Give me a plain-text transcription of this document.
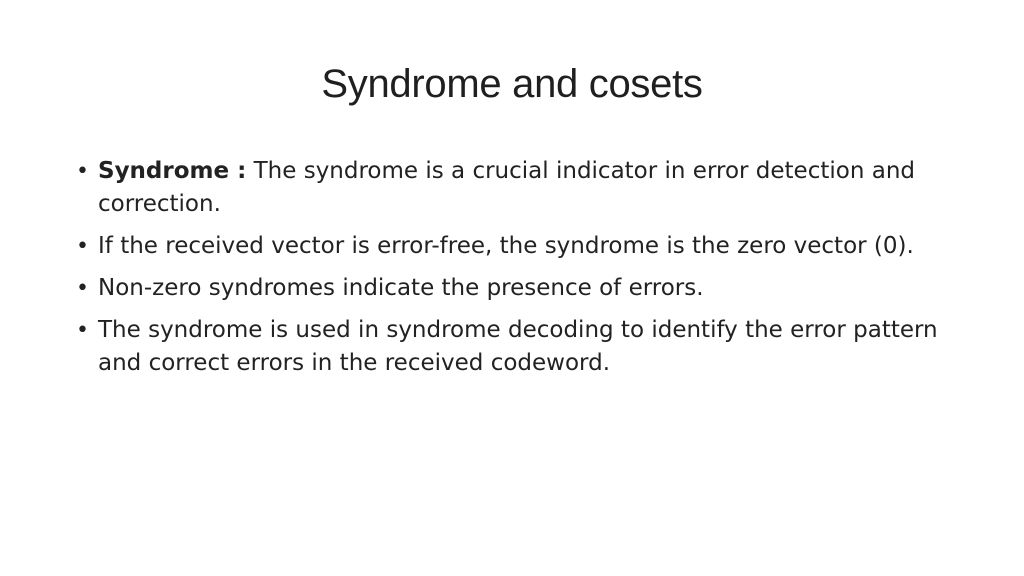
Syndrome and cosets
• Syndrome : The syndrome is a crucial indicator in error detection and correction.
• If the received vector is error-free, the syndrome is the zero vector (0).
• Non-zero syndromes indicate the presence of errors.
• The syndrome is used in syndrome decoding to identify the error pattern and correct errors in the received codeword.
